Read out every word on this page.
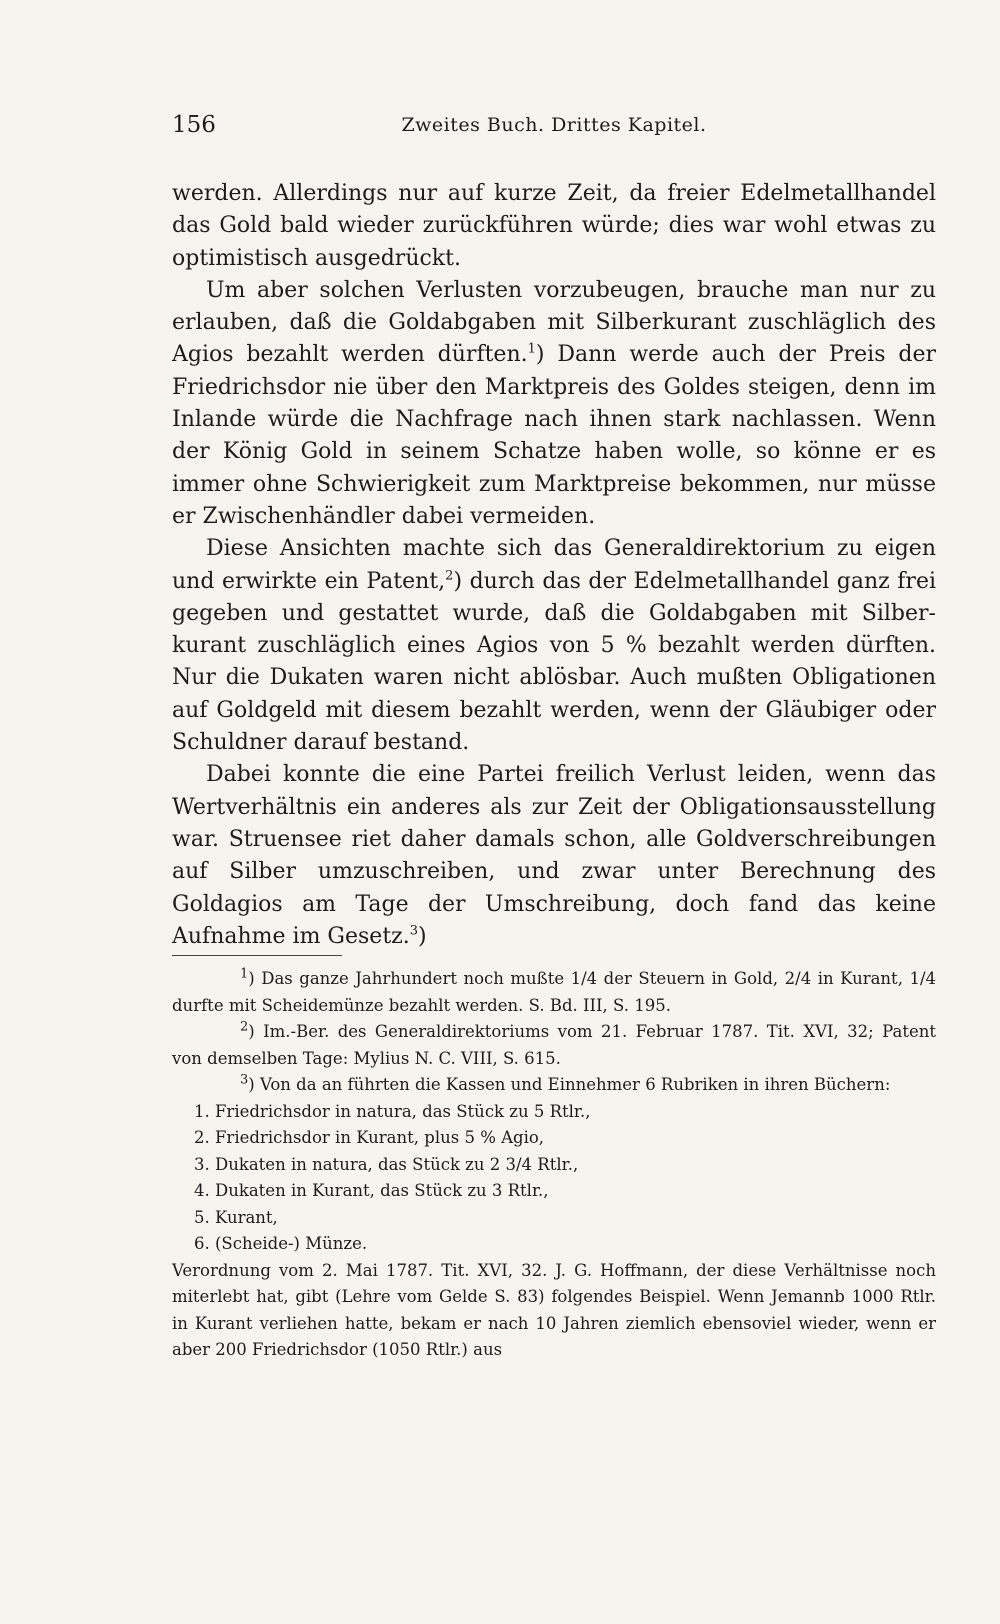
156	Zweites Buch. Drittes Kapitel.

werden. Allerdings nur auf kurze Zeit, da freier Edelmetallhandel das Gold bald wieder zurückführen würde; dies war wohl etwas zu optimistisch ausgedrückt.

Um aber solchen Verlusten vorzubeugen, brauche man nur zu erlauben, daß die Goldabgaben mit Silberkurant zuschläglich des Agios bezahlt werden dürften.$^1$) Dann werde auch der Preis der Friedrichsdor nie über den Marktpreis des Goldes steigen, denn im Inlande würde die Nachfrage nach ihnen stark nachlassen. Wenn der König Gold in seinem Schatze haben wolle, so könne er es immer ohne Schwierigkeit zum Marktpreise bekommen, nur müsse er Zwischenhändler dabei vermeiden.

Diese Ansichten machte sich das Generaldirektorium zu eigen und erwirkte ein Patent,$^2$) durch das der Edelmetallhandel ganz frei gegeben und gestattet wurde, daß die Goldabgaben mit Silber-kurant zuschläglich eines Agios von 5 % bezahlt werden dürften. Nur die Dukaten waren nicht ablösbar. Auch mußten Obligationen auf Goldgeld mit diesem bezahlt werden, wenn der Gläubiger oder Schuldner darauf bestand.

Dabei konnte die eine Partei freilich Verlust leiden, wenn das Wertverhältnis ein anderes als zur Zeit der Obligationsausstellung war. Struensee riet daher damals schon, alle Goldverschreibungen auf Silber umzuschreiben, und zwar unter Berechnung des Goldagios am Tage der Umschreibung, doch fand das keine Aufnahme im Gesetz.$^3$)

$^1$) Das ganze Jahrhundert noch mußte 1/4 der Steuern in Gold, 2/4 in Kurant, 1/4 durfte mit Scheidemünze bezahlt werden. S. Bd. III, S. 195.

$^2$) Im.-Ber. des Generaldirektoriums vom 21. Februar 1787. Tit. XVI, 32; Patent von demselben Tage: Mylius N. C. VIII, S. 615.

$^3$) Von da an führten die Kassen und Einnehmer 6 Rubriken in ihren Büchern:

1. Friedrichsdor in natura, das Stück zu 5 Rtlr.,

2. Friedrichsdor in Kurant, plus 5 % Agio,

3. Dukaten in natura, das Stück zu 2 3/4 Rtlr.,

4. Dukaten in Kurant, das Stück zu 3 Rtlr.,

5. Kurant,

6. (Scheide-) Münze.

Verordnung vom 2. Mai 1787. Tit. XVI, 32. J. G. Hoffmann, der diese Verhältnisse noch miterlebt hat, gibt (Lehre vom Gelde S. 83) folgendes Beispiel. Wenn Jemannb 1000 Rtlr. in Kurant verliehen hatte, bekam er nach 10 Jahren ziemlich ebensoviel wieder, wenn er aber 200 Friedrichsdor (1050 Rtlr.) aus
